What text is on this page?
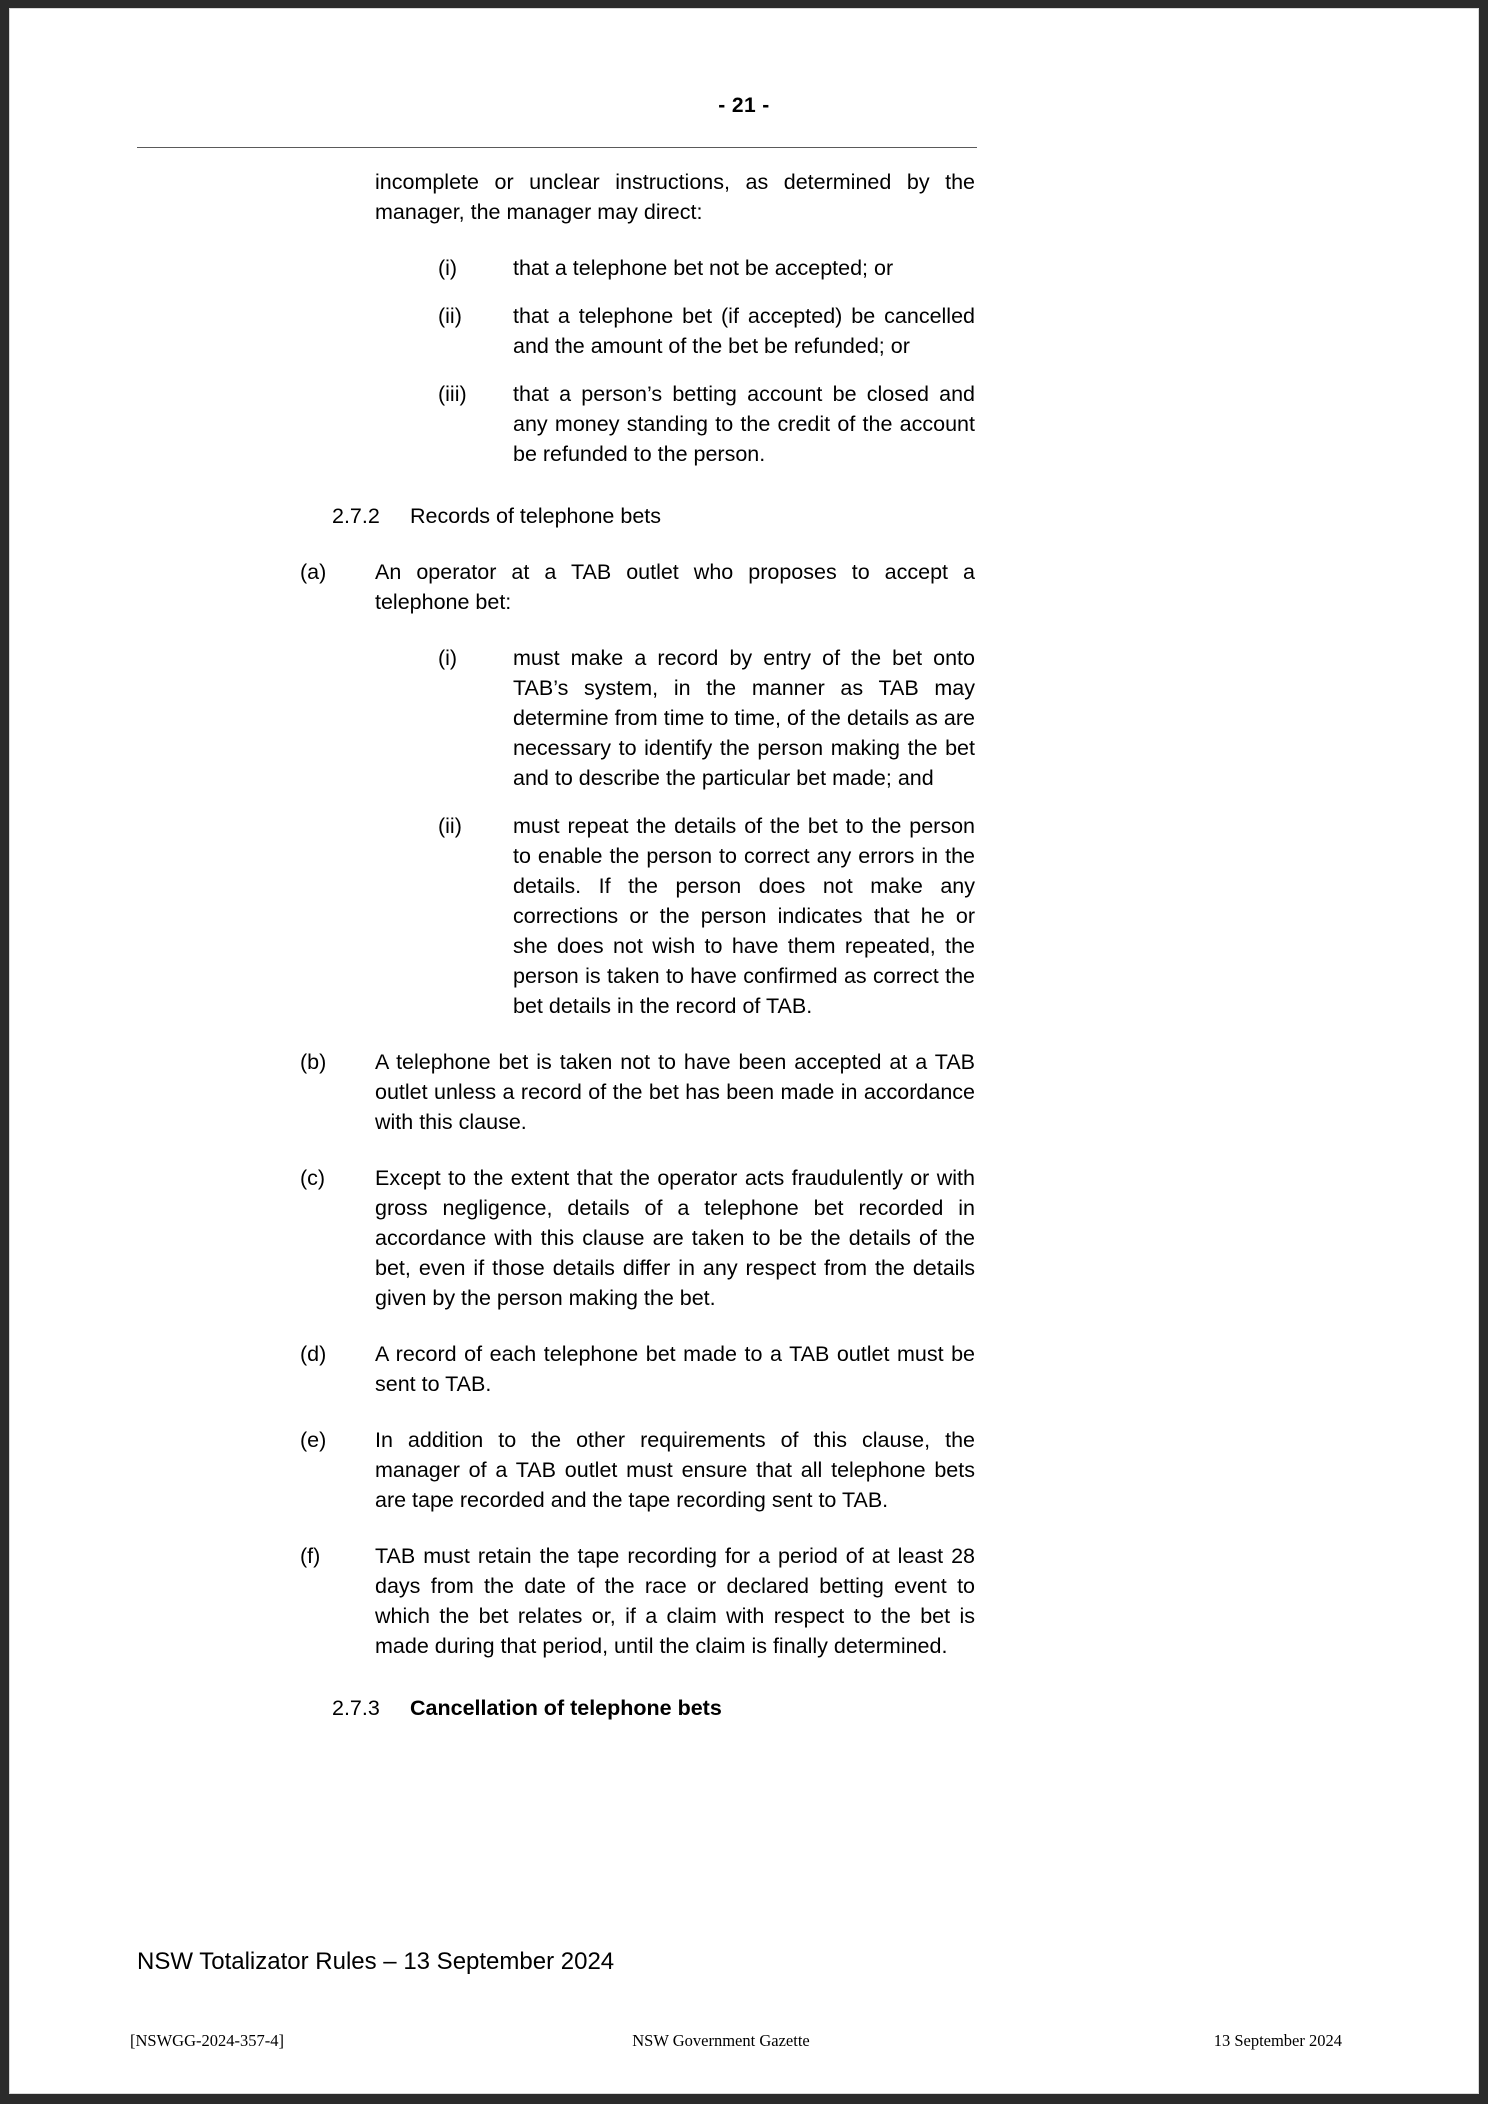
- 21 -
incomplete or unclear instructions, as determined by the manager, the manager may direct:
(i)	that a telephone bet not be accepted; or
(ii) that a telephone bet (if accepted) be cancelled and the amount of the bet be refunded; or
(iii) that a person’s betting account be closed and any money standing to the credit of the account be refunded to the person.
2.7.2 Records of telephone bets
(a) An operator at a TAB outlet who proposes to accept a telephone bet:
(i)	must make a record by entry of the bet onto TAB’s system, in the manner as TAB may determine from time to time, of the details as are necessary to identify the person making the bet and to describe the particular bet made; and
(ii) must repeat the details of the bet to the person to enable the person to correct any errors in the details. If the person does not make any corrections or the person indicates that he or she does not wish to have them repeated, the person is taken to have confirmed as correct the bet details in the record of TAB.
(b) A telephone bet is taken not to have been accepted at a TAB outlet unless a record of the bet has been made in accordance with this clause.
(c) Except to the extent that the operator acts fraudulently or with gross negligence, details of a telephone bet recorded in accordance with this clause are taken to be the details of the bet, even if those details differ in any respect from the details given by the person making the bet.
(d) A record of each telephone bet made to a TAB outlet must be sent to TAB.
(e) In addition to the other requirements of this clause, the manager of a TAB outlet must ensure that all telephone bets are tape recorded and the tape recording sent to TAB.
(f)	TAB must retain the tape recording for a period of at least 28 days from the date of the race or declared betting event to which the bet relates or, if a claim with respect to the bet is made during that period, until the claim is finally determined.
2.7.3 Cancellation of telephone bets
NSW Totalizator Rules – 13 September 2024
[NSWGG-2024-357-4]	NSW Government Gazette	13 September 2024
